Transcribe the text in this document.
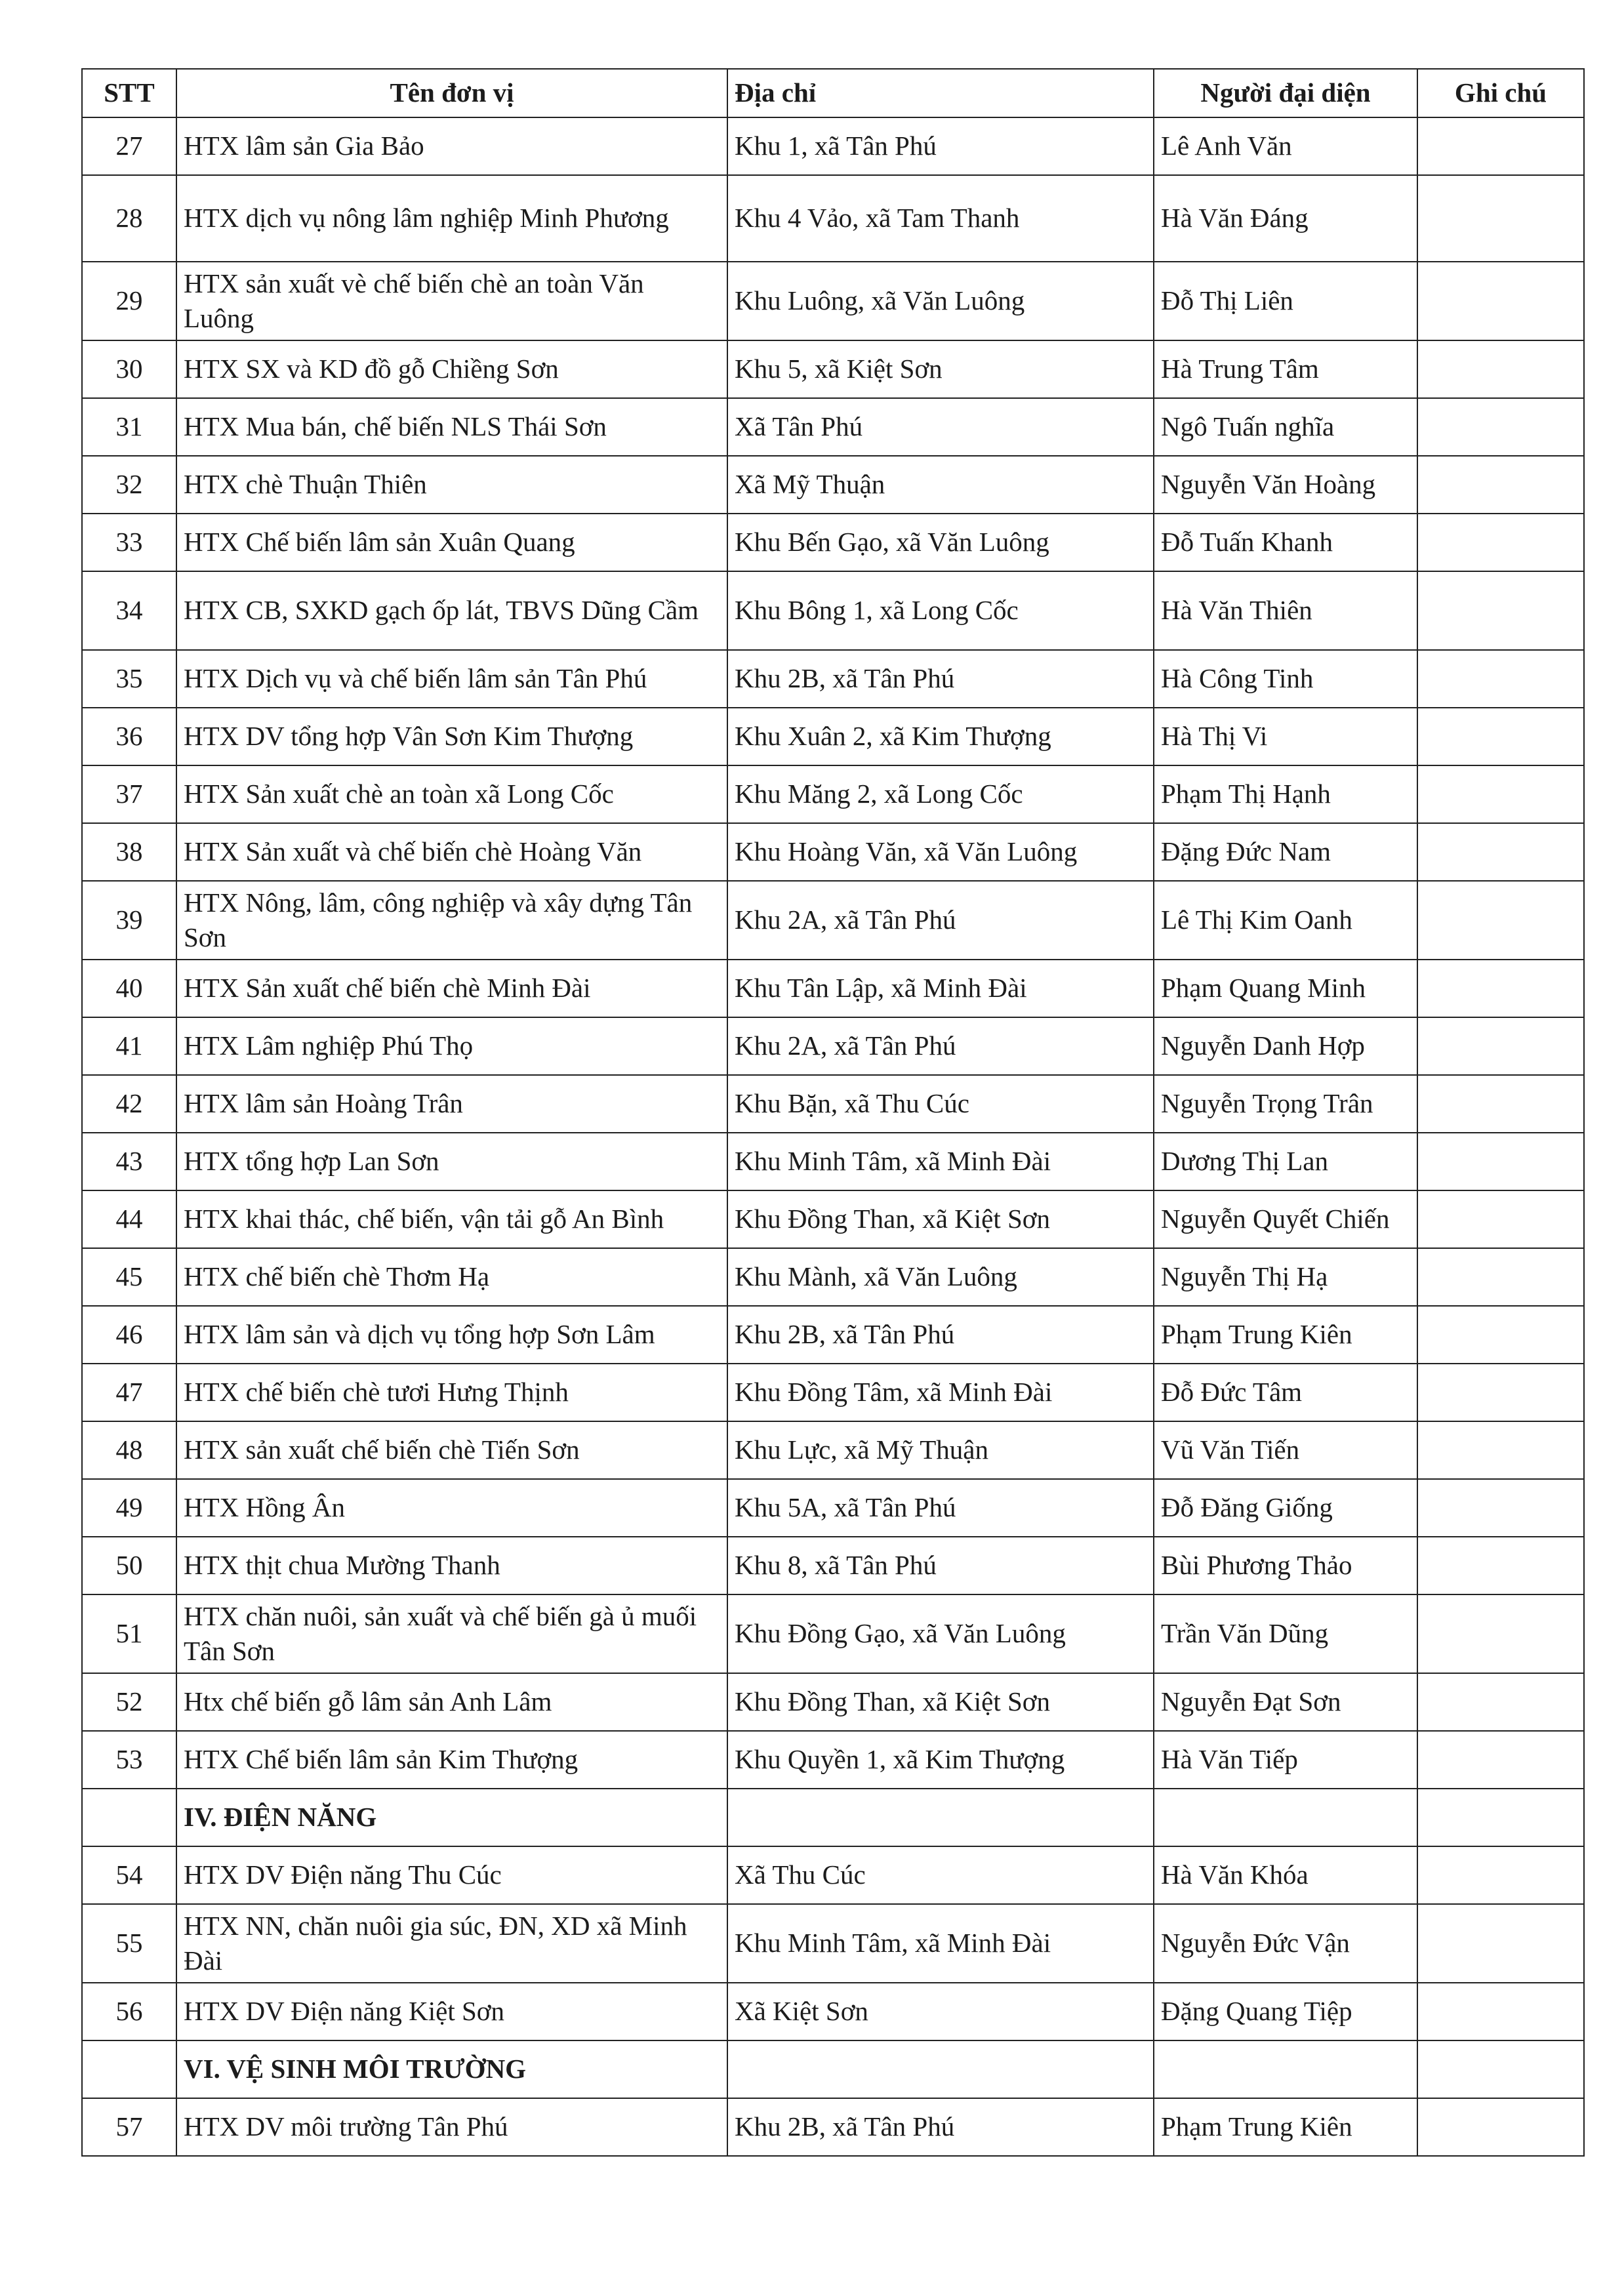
STT	Tên đơn vị	Địa chỉ	Người đại diện	Ghi chú
27	HTX lâm sản Gia Bảo	Khu 1, xã Tân Phú	Lê Anh Văn	
28	HTX dịch vụ nông lâm nghiệp Minh Phương	Khu 4 Vảo, xã Tam Thanh	Hà Văn Đáng	
29	HTX sản xuất vè chế biến chè an toàn Văn Luông	Khu Luông, xã Văn Luông	Đỗ Thị Liên	
30	HTX SX và KD đồ gỗ Chiềng Sơn	Khu 5, xã Kiệt Sơn	Hà Trung Tâm	
31	HTX Mua bán, chế biến NLS Thái Sơn	Xã Tân Phú	Ngô Tuấn nghĩa	
32	HTX chè Thuận Thiên	Xã Mỹ Thuận	Nguyễn Văn Hoàng	
33	HTX Chế biến lâm sản Xuân Quang	Khu Bến Gạo, xã Văn Luông	Đỗ Tuấn Khanh	
34	HTX CB, SXKD gạch ốp lát, TBVS Dũng Cầm	Khu Bông 1, xã Long Cốc	Hà Văn Thiên	
35	HTX Dịch vụ và chế biến lâm sản Tân Phú	Khu 2B, xã Tân Phú	Hà Công Tinh	
36	HTX DV tổng hợp Vân Sơn Kim Thượng	Khu Xuân 2, xã Kim Thượng	Hà Thị Vi	
37	HTX Sản xuất chè an toàn xã Long Cốc	Khu Măng 2, xã Long Cốc	Phạm Thị Hạnh	
38	HTX Sản xuất và chế biến chè Hoàng Văn	Khu Hoàng Văn, xã Văn Luông	Đặng Đức Nam	
39	HTX Nông, lâm, công nghiệp và xây dựng Tân Sơn	Khu 2A, xã Tân Phú	Lê Thị Kim Oanh	
40	HTX Sản xuất chế biến chè Minh Đài	Khu Tân Lập, xã Minh Đài	Phạm Quang Minh	
41	HTX Lâm nghiệp Phú Thọ	Khu 2A, xã Tân Phú	Nguyễn Danh Hợp	
42	HTX lâm sản Hoàng Trân	Khu Bặn, xã Thu Cúc	Nguyễn Trọng Trân	
43	HTX tổng hợp Lan Sơn	Khu Minh Tâm, xã Minh Đài	Dương Thị Lan	
44	HTX khai thác, chế biến, vận tải gỗ An Bình	Khu Đồng Than, xã Kiệt Sơn	Nguyễn Quyết Chiến	
45	HTX chế biến chè Thơm Hạ	Khu Mành, xã Văn Luông	Nguyễn Thị Hạ	
46	HTX lâm sản và dịch vụ tổng hợp Sơn Lâm	Khu 2B, xã Tân Phú	Phạm Trung Kiên	
47	HTX chế biến chè tươi Hưng Thịnh	Khu Đồng Tâm, xã Minh Đài	Đỗ Đức Tâm	
48	HTX sản xuất chế biến chè Tiến Sơn	Khu Lực, xã Mỹ Thuận	Vũ Văn Tiến	
49	HTX Hồng Ân	Khu 5A, xã Tân Phú	Đỗ Đăng Giống	
50	HTX thịt chua Mường Thanh	Khu 8, xã Tân Phú	Bùi Phương Thảo	
51	HTX chăn nuôi, sản xuất và chế biến gà ủ muối Tân Sơn	Khu Đồng Gạo, xã Văn Luông	Trần Văn Dũng	
52	Htx chế biến gỗ lâm sản Anh Lâm	Khu Đồng Than, xã Kiệt Sơn	Nguyễn Đạt Sơn	
53	HTX Chế biến lâm sản Kim Thượng	Khu Quyền 1, xã Kim Thượng	Hà Văn Tiếp	
	IV. ĐIỆN NĂNG			
54	HTX DV Điện năng Thu Cúc	Xã Thu Cúc	Hà Văn Khóa	
55	HTX NN, chăn nuôi gia súc, ĐN, XD xã Minh Đài	Khu Minh Tâm, xã Minh Đài	Nguyễn Đức Vận	
56	HTX DV Điện năng Kiệt Sơn	Xã Kiệt Sơn	Đặng Quang Tiệp	
	VI. VỆ SINH MÔI TRƯỜNG			
57	HTX DV môi trường Tân Phú	Khu 2B, xã Tân Phú	Phạm Trung Kiên	
